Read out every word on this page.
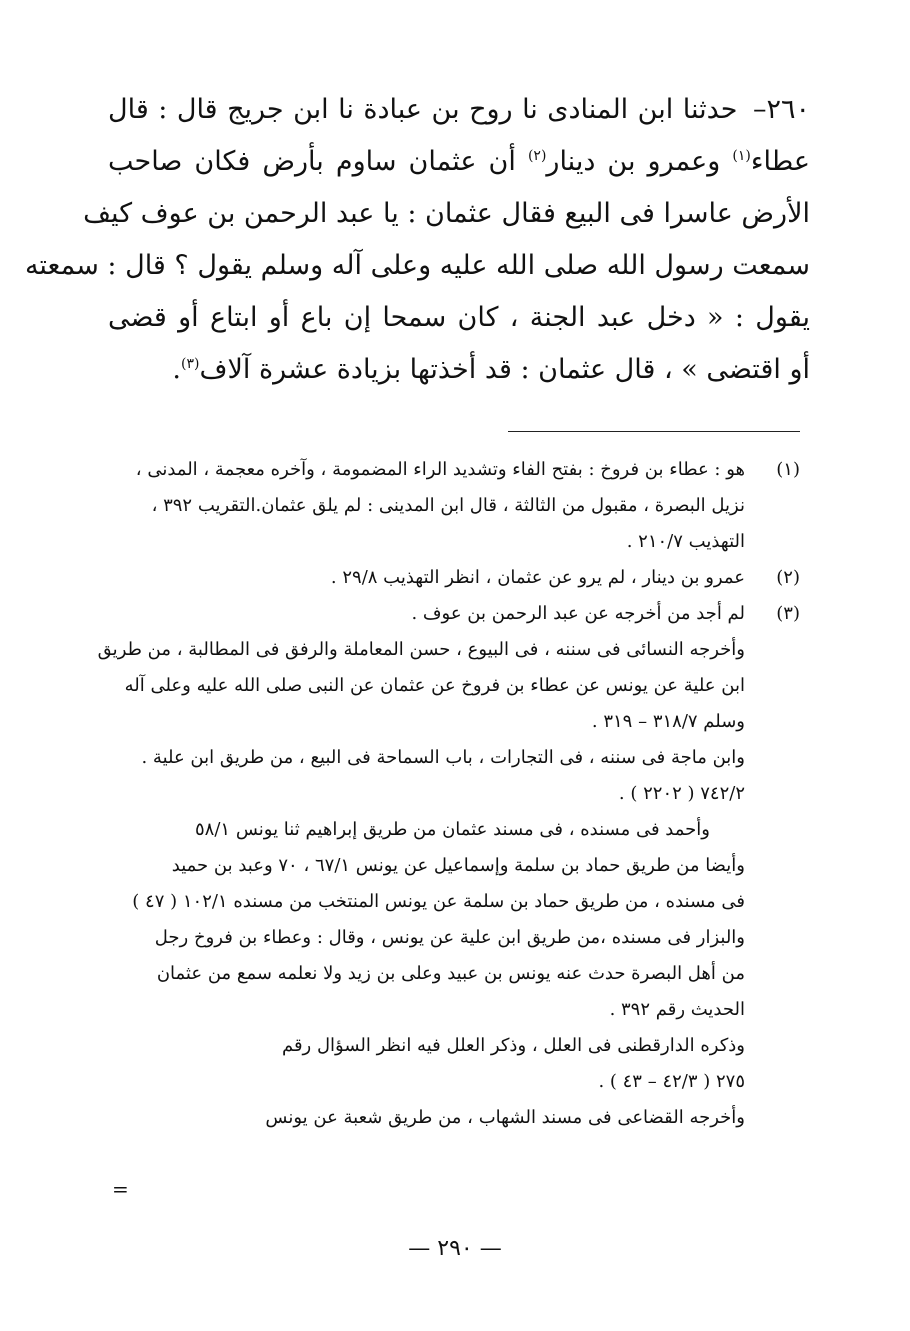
٢٦٠– حدثنا ابن المنادى نا روح بن عبادة نا ابن جريج قال : قال
عطاء$^{(١)}$ وعمرو بن دينار$^{(٢)}$ أن عثمان ساوم بأرض فكان صاحب
الأرض عاسرا فى البيع فقال عثمان : يا عبد الرحمن بن عوف كيف
سمعت رسول الله صلى الله عليه وعلى آله وسلم يقول ؟ قال : سمعته
يقول : « دخل عبد الجنة ، كان سمحا إن باع أو ابتاع أو قضى
أو اقتضى » ، قال عثمان : قد أخذتها بزيادة عشرة آلاف$^{(٣)}$.
(١)
هو : عطاء بن فروخ : بفتح الفاء وتشديد الراء المضمومة ، وآخره معجمة ، المدنى ،
نزيل البصرة ، مقبول من الثالثة ، قال ابن المدينى : لم يلق عثمان.التقريب ٣٩٢ ،
التهذيب ٢١٠/٧ .
(٢)
عمرو بن دينار ، لم يرو عن عثمان ، انظر التهذيب ٢٩/٨ .
(٣)
لم أجد من أخرجه عن عبد الرحمن بن عوف .
وأخرجه النسائى فى سننه ، فى البيوع ، حسن المعاملة والرفق فى المطالبة ، من طريق
ابن علية عن يونس عن عطاء بن فروخ عن عثمان عن النبى صلى الله عليه وعلى آله
وسلم ٣١٨/٧ – ٣١٩ .
وابن ماجة فى سننه ، فى التجارات ، باب السماحة فى البيع ، من طريق ابن علية .
٧٤٢/٢ ( ٢٢٠٢ ) .
وأحمد فى مسنده ، فى مسند عثمان من طريق إبراهيم ثنا يونس ٥٨/١
وأيضا من طريق حماد بن سلمة وإسماعيل عن يونس ٦٧/١ ، ٧٠ وعبد بن حميد
فى مسنده ، من طريق حماد بن سلمة عن يونس المنتخب من مسنده ١٠٢/١ ( ٤٧ )
والبزار فى مسنده ،من طريق ابن علية عن يونس ، وقال : وعطاء بن فروخ رجل
من أهل البصرة حدث عنه يونس بن عبيد وعلى بن زيد ولا نعلمه سمع من عثمان
الحديث رقم ٣٩٢ .
وذكره الدارقطنى فى العلل ، وذكر العلل فيه انظر السؤال رقم
٢٧٥ ( ٤٢/٣ – ٤٣ ) .
وأخرجه القضاعى فى مسند الشهاب ، من طريق شعبة عن يونس
=
— ٢٩٠ —
